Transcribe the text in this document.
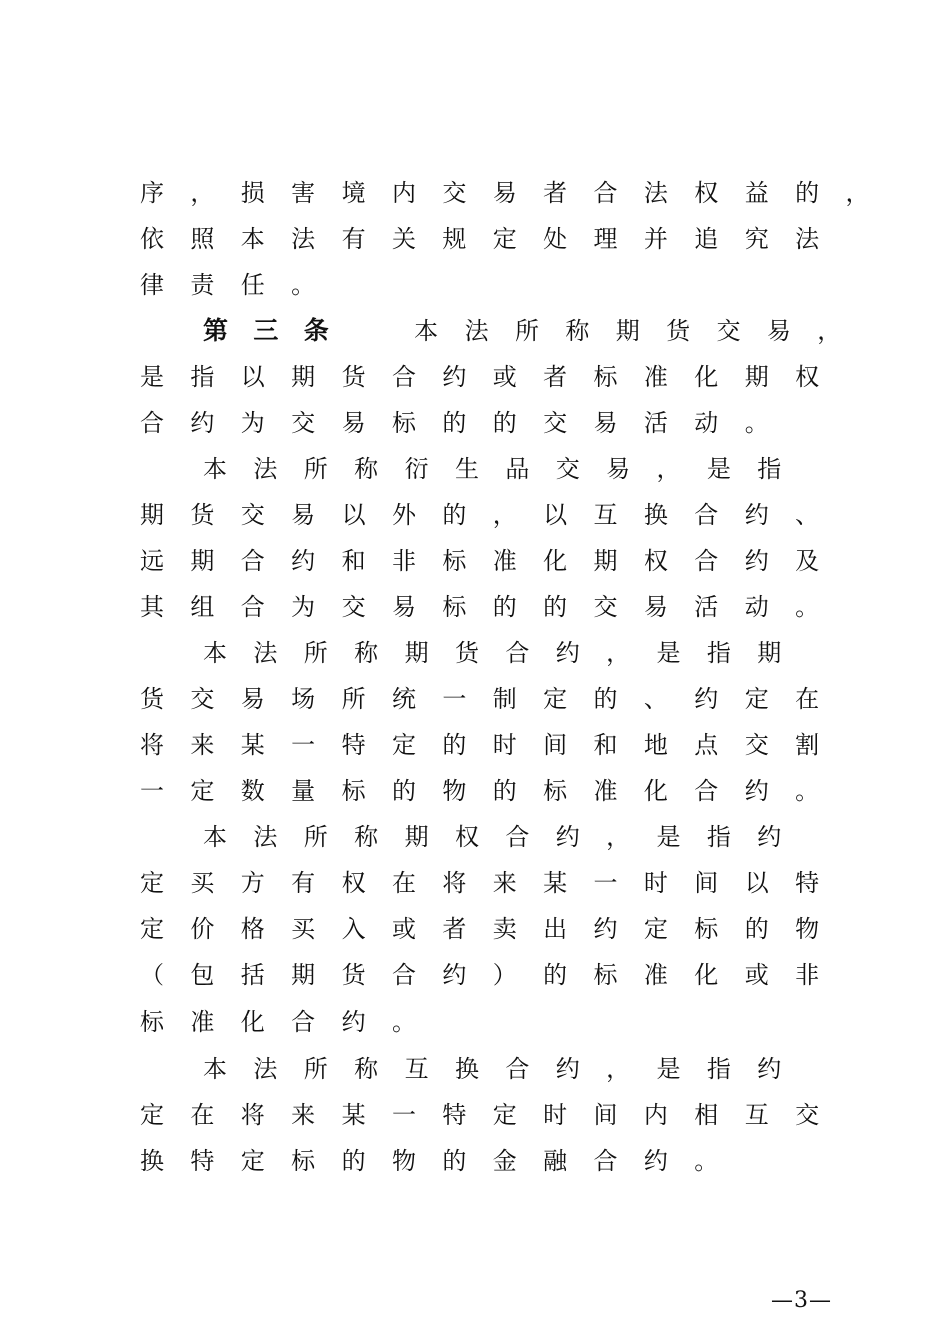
序	，	损	害	境	内	交	易	者	合	法	权	益	的	，
依	照	本	法	有	关	规	定	处	理	并	追	究	法
律	责	任	。
第	三	条	本	法	所	称	期	货	交	易	，
是	指	以	期	货	合	约	或	者	标	准	化	期	权
合	约	为	交	易	标	的	的	交	易	活	动	。
本	法	所	称	衍	生	品	交	易	，	是	指
期	货	交	易	以	外	的	，	以	互	换	合	约	、
远	期	合	约	和	非	标	准	化	期	权	合	约	及
其	组	合	为	交	易	标	的	的	交	易	活	动	。
本	法	所	称	期	货	合	约	，	是	指	期
货	交	易	场	所	统	一	制	定	的	、	约	定	在
将	来	某	一	特	定	的	时	间	和	地	点	交	割
一	定	数	量	标	的	物	的	标	准	化	合	约	。
本	法	所	称	期	权	合	约	，	是	指	约
定	买	方	有	权	在	将	来	某	一	时	间	以	特
定	价	格	买	入	或	者	卖	出	约	定	标	的	物
（	包	括	期	货	合	约	）	的	标	准	化	或	非
标	准	化	合	约	。
本	法	所	称	互	换	合	约	，	是	指	约
定	在	将	来	某	一	特	定	时	间	内	相	互	交
换	特	定	标	的	物	的	金	融	合	约	。
—3—
